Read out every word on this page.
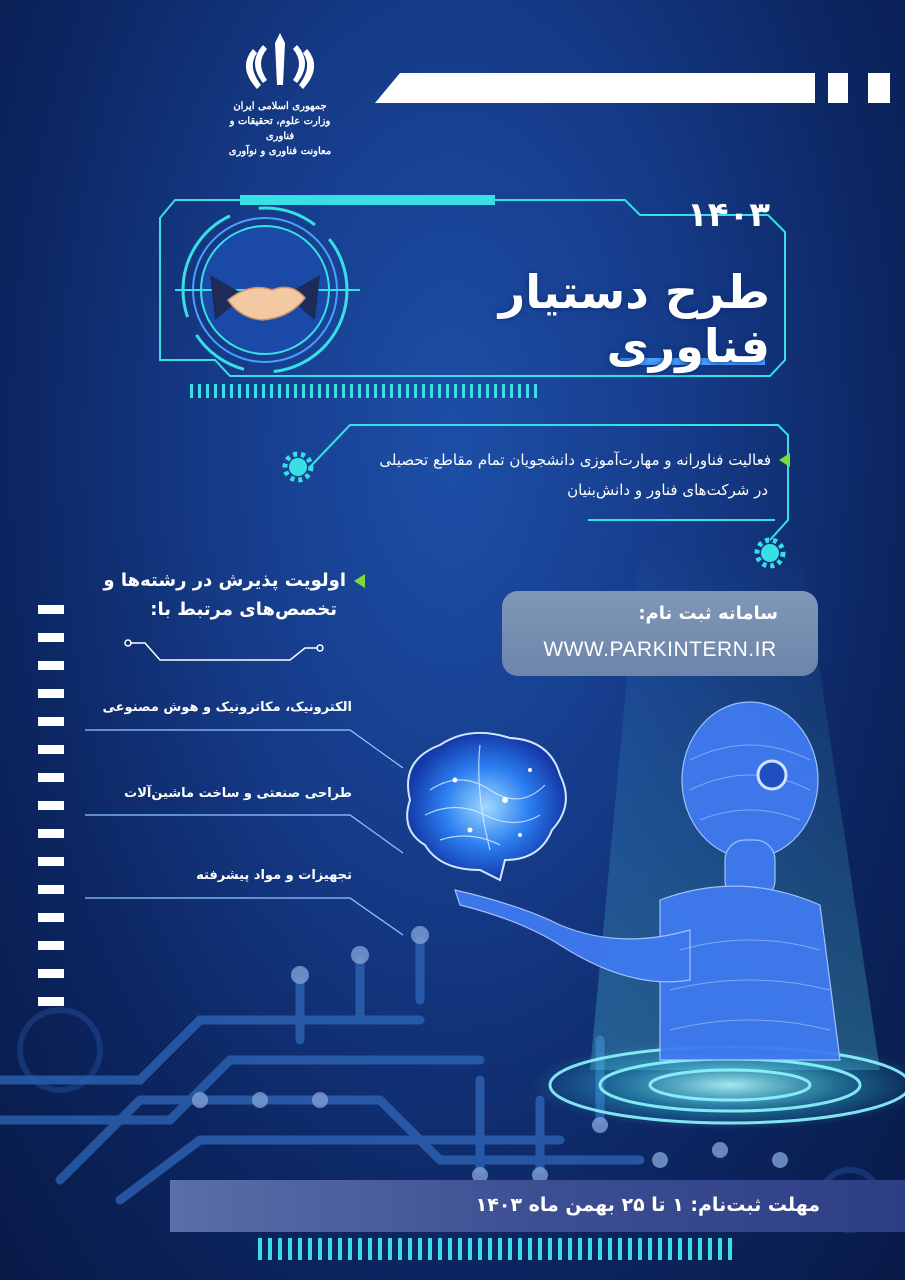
جمهوری اسلامی ایران
وزارت علوم، تحقیقات و فناوری
معاونت فناوری و نوآوری
۱۴۰۳
طرح دستیار فناوری
فعالیت فناورانه و مهارت‌آموزی دانشجویان تمام مقاطع تحصیلی
در شرکت‌های فناور و دانش‌بنیان
اولویت پذیرش در رشته‌ها و
تخصص‌های مرتبط با:
الکترونیک، مکاترونیک و هوش مصنوعی
طراحی صنعتی و ساخت ماشین‌آلات
تجهیزات و مواد پیشرفته
سامانه ثبت نام:
WWW.PARKINTERN.IR
مهلت ثبت‌نام: ۱ تا ۲۵ بهمن ماه ۱۴۰۳
